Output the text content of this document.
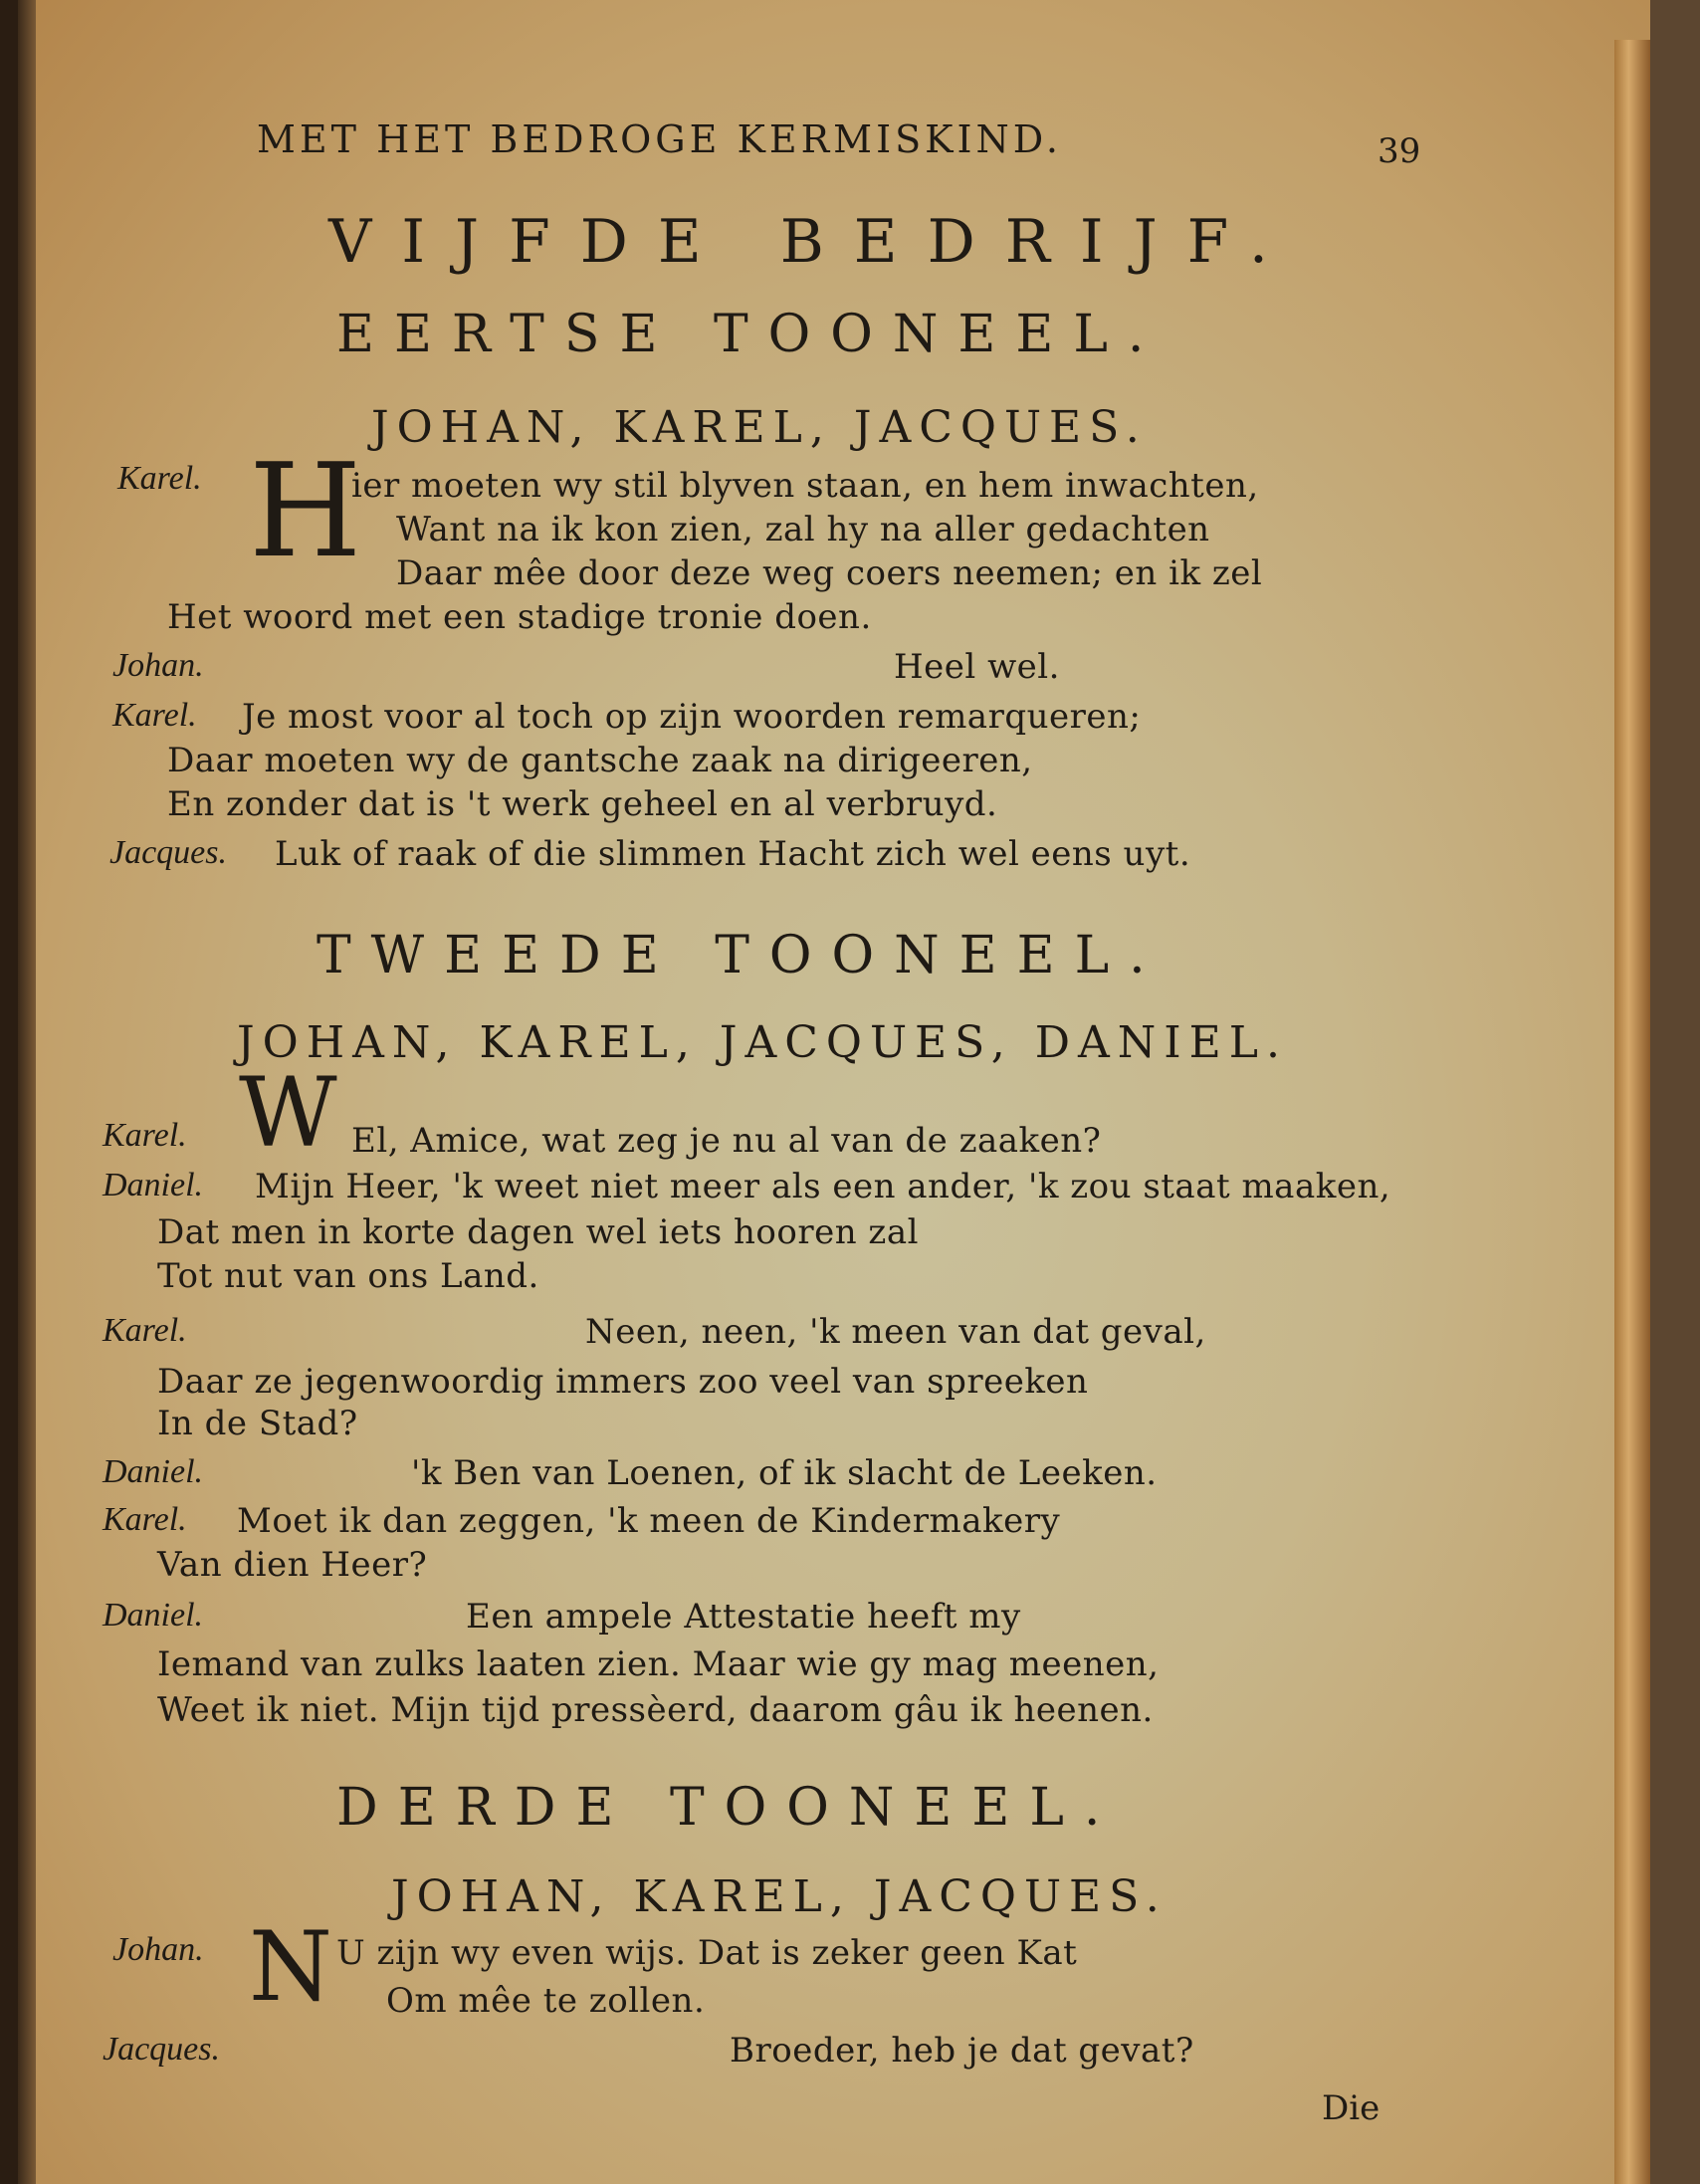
MET HET BEDROGE KERMISKIND.	39
VIJFDE BEDRIJF.
EERTSE TOONEEL.
JOHAN, KAREL, JACQUES.
Karel. H
ier moeten wy stil blyven staan, en hem inwachten,
Want na ik kon zien, zal hy na aller gedachten
Daar mêe door deze weg coers neemen; en ik zel
Het woord met een stadige tronie doen.
Johan.	Heel wel.
Karel. Je most voor al toch op zijn woorden remarqueren;
Daar moeten wy de gantsche zaak na dirigeeren,
En zonder dat is 't werk geheel en al verbruyd.
Jacques. Luk of raak of die slimmen Hacht zich wel eens uyt.
TWEEDE TOONEEL.
JOHAN, KAREL, JACQUES, DANIEL.
W
Karel.	El, Amice, wat zeg je nu al van de zaaken?
Daniel. Mijn Heer, 'k weet niet meer als een ander, 'k zou staat maaken,
Dat men in korte dagen wel iets hooren zal
Tot nut van ons Land.
Karel.	Neen, neen, 'k meen van dat geval,
Daar ze jegenwoordig immers zoo veel van spreeken
In de Stad?
Daniel.	'k Ben van Loenen, of ik slacht de Leeken.
Karel. Moet ik dan zeggen, 'k meen de Kindermakery
Van dien Heer?
Daniel.	Een ampele Attestatie heeft my
Iemand van zulks laaten zien. Maar wie gy mag meenen,
Weet ik niet. Mijn tijd pressèerd, daarom gâu ik heenen.
DERDE TOONEEL.
JOHAN, KAREL, JACQUES.
Johan. N U zijn wy even wijs. Dat is zeker geen Kat
Om mêe te zollen.
Jacques.	Broeder, heb je dat gevat?
Die
